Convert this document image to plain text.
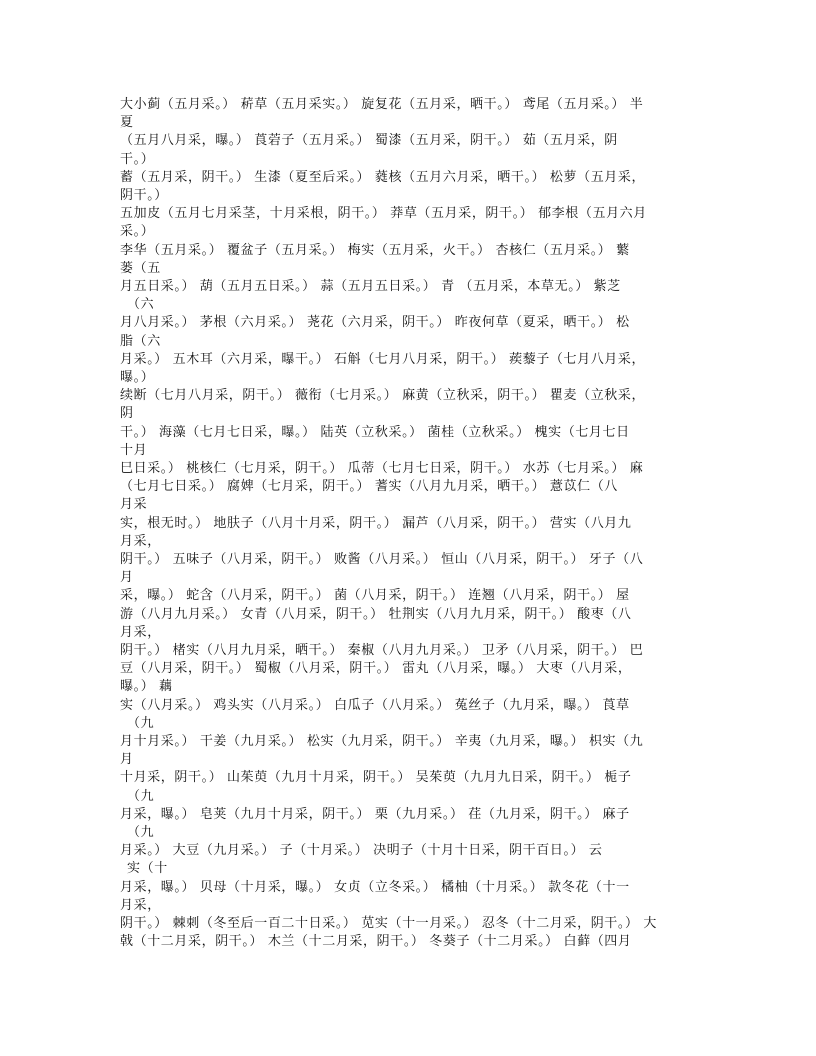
大小蓟（五月采。） 菥草（五月采实。） 旋复花（五月采，晒干。） 鸢尾（五月采。） 半
夏
（五月八月采，曝。） 莨菪子（五月采。） 蜀漆（五月采，阴干。） 茹（五月采，阴
干。）
蓄（五月采，阴干。） 生漆（夏至后采。） 蕤核（五月六月采，晒干。） 松萝（五月采，
阴干。）
五加皮（五月七月采茎，十月采根，阴干。） 莽草（五月采，阴干。） 郁李根（五月六月
采。）
李华（五月采。） 覆盆子（五月采。） 梅实（五月采，火干。） 杏核仁（五月采。） 蘩
蒌（五
月五日采。） 葫（五月五日采。） 蒜（五月五日采。） 青 （五月采，本草无。） 紫芝
（六
月八月采。） 茅根（六月采。） 荛花（六月采，阴干。） 昨夜何草（夏采，晒干。） 松
脂（六
月采。） 五木耳（六月采，曝干。） 石斛（七月八月采，阴干。） 蒺藜子（七月八月采，
曝。）
续断（七月八月采，阴干。） 薇衔（七月采。） 麻黄（立秋采，阴干。） 瞿麦（立秋采，
阴
干。） 海藻（七月七日采，曝。） 陆英（立秋采。） 菌桂（立秋采。） 槐实（七月七日
十月
巳日采。） 桃核仁（七月采，阴干。） 瓜蒂（七月七日采，阴干。） 水苏（七月采。） 麻
（七月七日采。） 腐婢（七月采，阴干。） 蓍实（八月九月采，晒干。） 薏苡仁（八
月采
实，根无时。） 地肤子（八月十月采，阴干。） 漏芦（八月采，阴干。） 营实（八月九
月采，
阴干。） 五味子（八月采，阴干。） 败酱（八月采。） 恒山（八月采，阴干。） 牙子（八
月
采，曝。） 蛇含（八月采，阴干。） 菌（八月采，阴干。） 连翘（八月采，阴干。） 屋
游（八月九月采。） 女青（八月采，阴干。） 牡荆实（八月九月采，阴干。） 酸枣（八
月采，
阴干。） 楮实（八月九月采，晒干。） 秦椒（八月九月采。） 卫矛（八月采，阴干。） 巴
豆（八月采，阴干。） 蜀椒（八月采，阴干。） 雷丸（八月采，曝。） 大枣（八月采，
曝。） 藕
实（八月采。） 鸡头实（八月采。） 白瓜子（八月采。） 菟丝子（九月采，曝。） 莨草
（九
月十月采。） 干姜（九月采。） 松实（九月采，阴干。） 辛夷（九月采，曝。） 枳实（九
月
十月采，阴干。） 山茱萸（九月十月采，阴干。） 吴茱萸（九月九日采，阴干。） 栀子
（九
月采，曝。） 皂荚（九月十月采，阴干。） 栗（九月采。） 荏（九月采，阴干。） 麻子
（九
月采。） 大豆（九月采。） 子（十月采。） 决明子（十月十日采，阴干百日。） 云
实（十
月采，曝。） 贝母（十月采，曝。） 女贞（立冬采。） 橘柚（十月采。） 款冬花（十一
月采，
阴干。） 棘刺（冬至后一百二十日采。） 苋实（十一月采。） 忍冬（十二月采，阴干。） 大
戟（十二月采，阴干。） 木兰（十二月采，阴干。） 冬葵子（十二月采。） 白藓（四月
